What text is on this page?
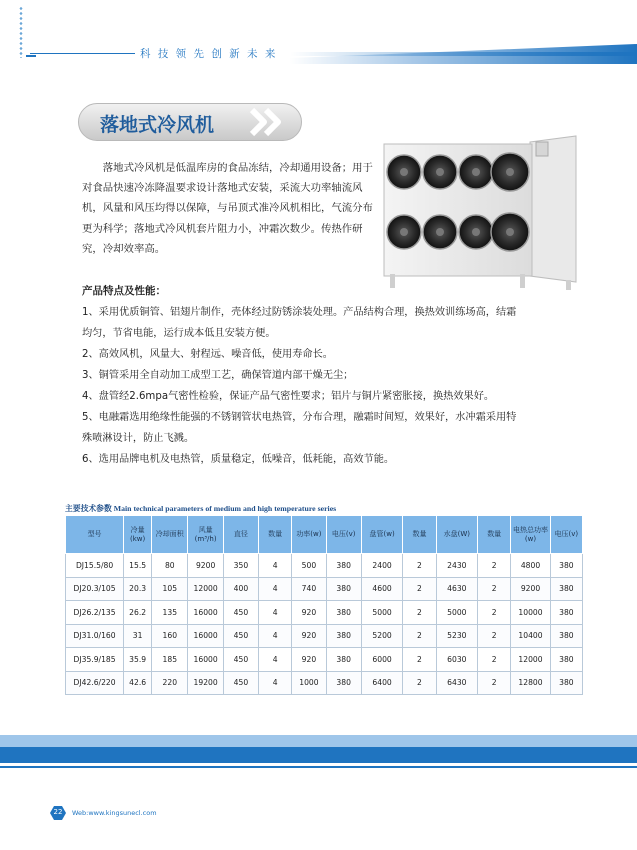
科 技 领 先 创 新 未 来
落地式冷风机

落地式冷风机是低温库房的食品冻结，冷却通用设备；用于对食品快速冷冻降温要求设计落地式安装，采流大功率轴流风机，风量和风压均得以保障，与吊顶式准冷风机相比，气流分布更为科学；落地式冷风机套片阻力小，冲霜次数少。传热作研究，冷却效率高。

产品特点及性能：
1、采用优质铜管、铝翅片制作，壳体经过防锈涂装处理。产品结构合理，换热效训练场高，结霜均匀，节省电能，运行成本低且安装方便。
2、高效风机，风量大、射程远、噪音低，使用寿命长。
3、铜管采用全自动加工成型工艺，确保管道内部干燥无尘；
4、盘管经2.6mpa气密性检验，保证产品气密性要求；铝片与铜片紧密胀接，换热效果好。
5、电融霜选用绝缘性能强的不锈钢管状电热管，分布合理，融霜时间短，效果好，水冲霜采用特殊喷淋设计，防止飞溅。
6、选用品牌电机及电热管，质量稳定，低噪音，低耗能，高效节能。
主要技术参数 Main technical parameters of medium and high temperature series
型号	冷量(kw)	冷却面积	风量(m³/h)	直径	数量	功率(w)	电压(v)	盘管(w)	数量	水盘(W)	数量	电热总功率(w)	电压(v)
DJ15.5/80	15.5	80	9200	350	4	500	380	2400	2	2430	2	4800	380
DJ20.3/105	20.3	105	12000	400	4	740	380	4600	2	4630	2	9200	380
DJ26.2/135	26.2	135	16000	450	4	920	380	5000	2	5000	2	10000	380
DJ31.0/160	31	160	16000	450	4	920	380	5200	2	5230	2	10400	380
DJ35.9/185	35.9	185	16000	450	4	920	380	6000	2	6030	2	12000	380
DJ42.6/220	42.6	220	19200	450	4	1000	380	6400	2	6430	2	12800	380
22	Web:www.kingsunecl.com
